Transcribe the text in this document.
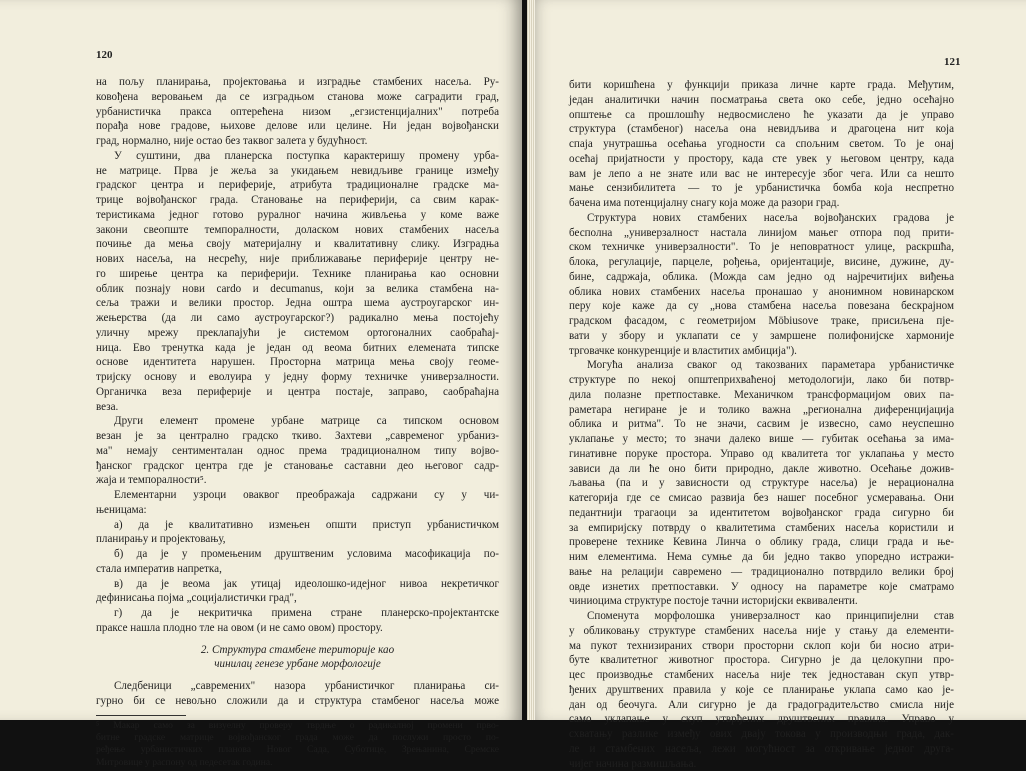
120
на пољу планирања, пројектовања и изградње стамбених насеља. Ру-
ковођена веровањем да се изградњом станова може саградити град,
урбанистичка пракса оптерећена низом „егзистенцијалних" потреба
порађа нове градове, њихове делове или целине. Ни један војвођански
град, нормално, није остао без таквог залета у будућност.
У суштини, два планерска поступка карактеришу промену урба-
не матрице. Прва је жеља за укидањем невидљиве границе између
градског центра и периферије, атрибута традиционалне градске ма-
трице војвођанског града. Становање на периферији, са свим карак-
теристикама једног готово руралног начина живљења у коме важе
закони свеопште темпоралности, доласком нових стамбених насеља
почиње да мења своју материјалну и квалитативну слику. Изградња
нових насеља, на несрећу, није приближавање периферије центру не-
го ширење центра ка периферији. Технике планирања као основни
облик познају нови cardo и decumanus, који за велика стамбена на-
сеља тражи и велики простор. Једна оштра шема аустроугарског ин-
жењерства (да ли само аустроугарског?) радикално мења постојећу
уличну мрежу преклапајући је системом ортогоналних саобраћај-
ница. Ево тренутка када је један од веома битних елемената типске
основе идентитета нарушен. Просторна матрица мења своју геоме-
тријску основу и еволуира у једну форму техничке универзалности.
Органичка веза периферије и центра постаје, заправо, саобраћајна
веза.
Други елемент промене урбане матрице са типском основом
везан је за централно градско ткиво. Захтеви „савременог урбаниз-
ма" немају сентименталан однос према традиционалном типу војво-
ђанског градског центра где је становање саставни део његовог садр-
жаја и темпоралности⁵.
Елементарни узроци оваквог преображаја садржани су у чи-
њеницама:
а) да је квалитативно измењен општи приступ урбанистичком
планирању и пројектовању,
б) да је у промењеним друштвеним условима масофикација по-
стала императив напретка,
в) да је веома јак утицај идеолошко-идејног нивоа некретичког
дефинисања појма „социјалистички град",
г) да је некритичка примена стране планерско-пројектантске
праксе нашла плодно тле на овом (и не само овом) простору.
2. Структура стамбене територије као
чинилац генезе урбане морфологије
Следбеници „савремених" назора урбанистичког планирања си-
гурно би се невољно сложили да и структура стамбеног насеља може
⁵ Макар само за визуелну проверу тврдње о радикалној промени прво-
битне градске матрице војвођанског града може да послужи просто по-
ређење урбанистичких планова Новог Сада, Суботице, Зрењанина, Сремске
Митровице у распону од педесетак година.
121
бити коришћена у функцији приказа личне карте града. Међутим,
један аналитички начин посматрања света око себе, једно осећајно
општење са прошлошћу недвосмислено ће указати да је управо
структура (стамбеног) насеља она невидљива и драгоцена нит која
спаја унутрашња осећања угодности са спољним светом. То је онај
осећај пријатности у простору, када сте увек у његовом центру, када
вам је лепо а не знате или вас не интересује због чега. Или са нешто
мање сензибилитета — то је урбанистичка бомба која неспретно
бачена има потенцијалну снагу која може да разори град.
Структура нових стамбених насеља војвођанских градова је
бесполна „универзалност настала линијом мањег отпора под прити-
ском техничке универзалности". То је неповратност улице, раскршћа,
блока, регулације, парцеле, рођења, оријентације, висине, дужине, ду-
бине, садржаја, облика. (Можда сам једно од најречитијих виђења
облика нових стамбених насеља пронашао у анонимном новинарском
перу које каже да су „нова стамбена насеља повезана бескрајном
градском фасадом, с геометријом Möbiusove траке, присиљена пје-
вати у збору и уклапати се у замршене полифонијске хармоније
трговачке конкуренције и властитих амбиција").
Могућа анализа сваког од такозваних параметара урбанистичке
структуре по некој општеприхваћеној методологији, лако би потвр-
дила полазне претпоставке. Механичком трансформацијом ових па-
раметара негиране је и толико важна „регионална диференцијација
облика и ритма". То не значи, сасвим је извесно, само неуспешно
уклапање у место; то значи далеко више — губитак осећања за има-
гинативне поруке простора. Управо од квалитета тог уклапања у место
зависи да ли ће оно бити природно, дакле животно. Осећање дожив-
љавања (па и у зависности од структуре насеља) је нерационална
категорија где се смисао развија без нашег посебног усмеравања. Они
педантнији трагаоци за идентитетом војвођанског града сигурно би
за емпиријску потврду о квалитетима стамбених насеља користили и
проверене технике Кевина Линча о облику града, слици града и ње-
ним елементима. Нема сумње да би једно такво упоредно истражи-
вање на релацији савремено — традиционално потврдило велики број
овде изнетих претпоставки. У односу на параметре које сматрамо
чиниоцима структуре постоје тачни историјски еквиваленти.
Споменута морфолошка универзалност као принципијелни став
у обликовању структуре стамбених насеља није у стању да елементи-
ма пукот технизираних створи просторни склоп који би носио атри-
буте квалитетног животног простора. Сигурно је да целокупни про-
цес производње стамбених насеља није тек једноставан скуп утвр-
ђених друштвених правила у које се планирање уклапа само као је-
дан од беочуга. Али сигурно је да градоградитељство смисла није
само уклапање у скуп утврђених друштвених правила. Управо у
схватању разлике између ових двају токова у производњи града, дак-
ле и стамбених насеља, лежи могућност за откривање једног друга-
чијег начина размишљања.
